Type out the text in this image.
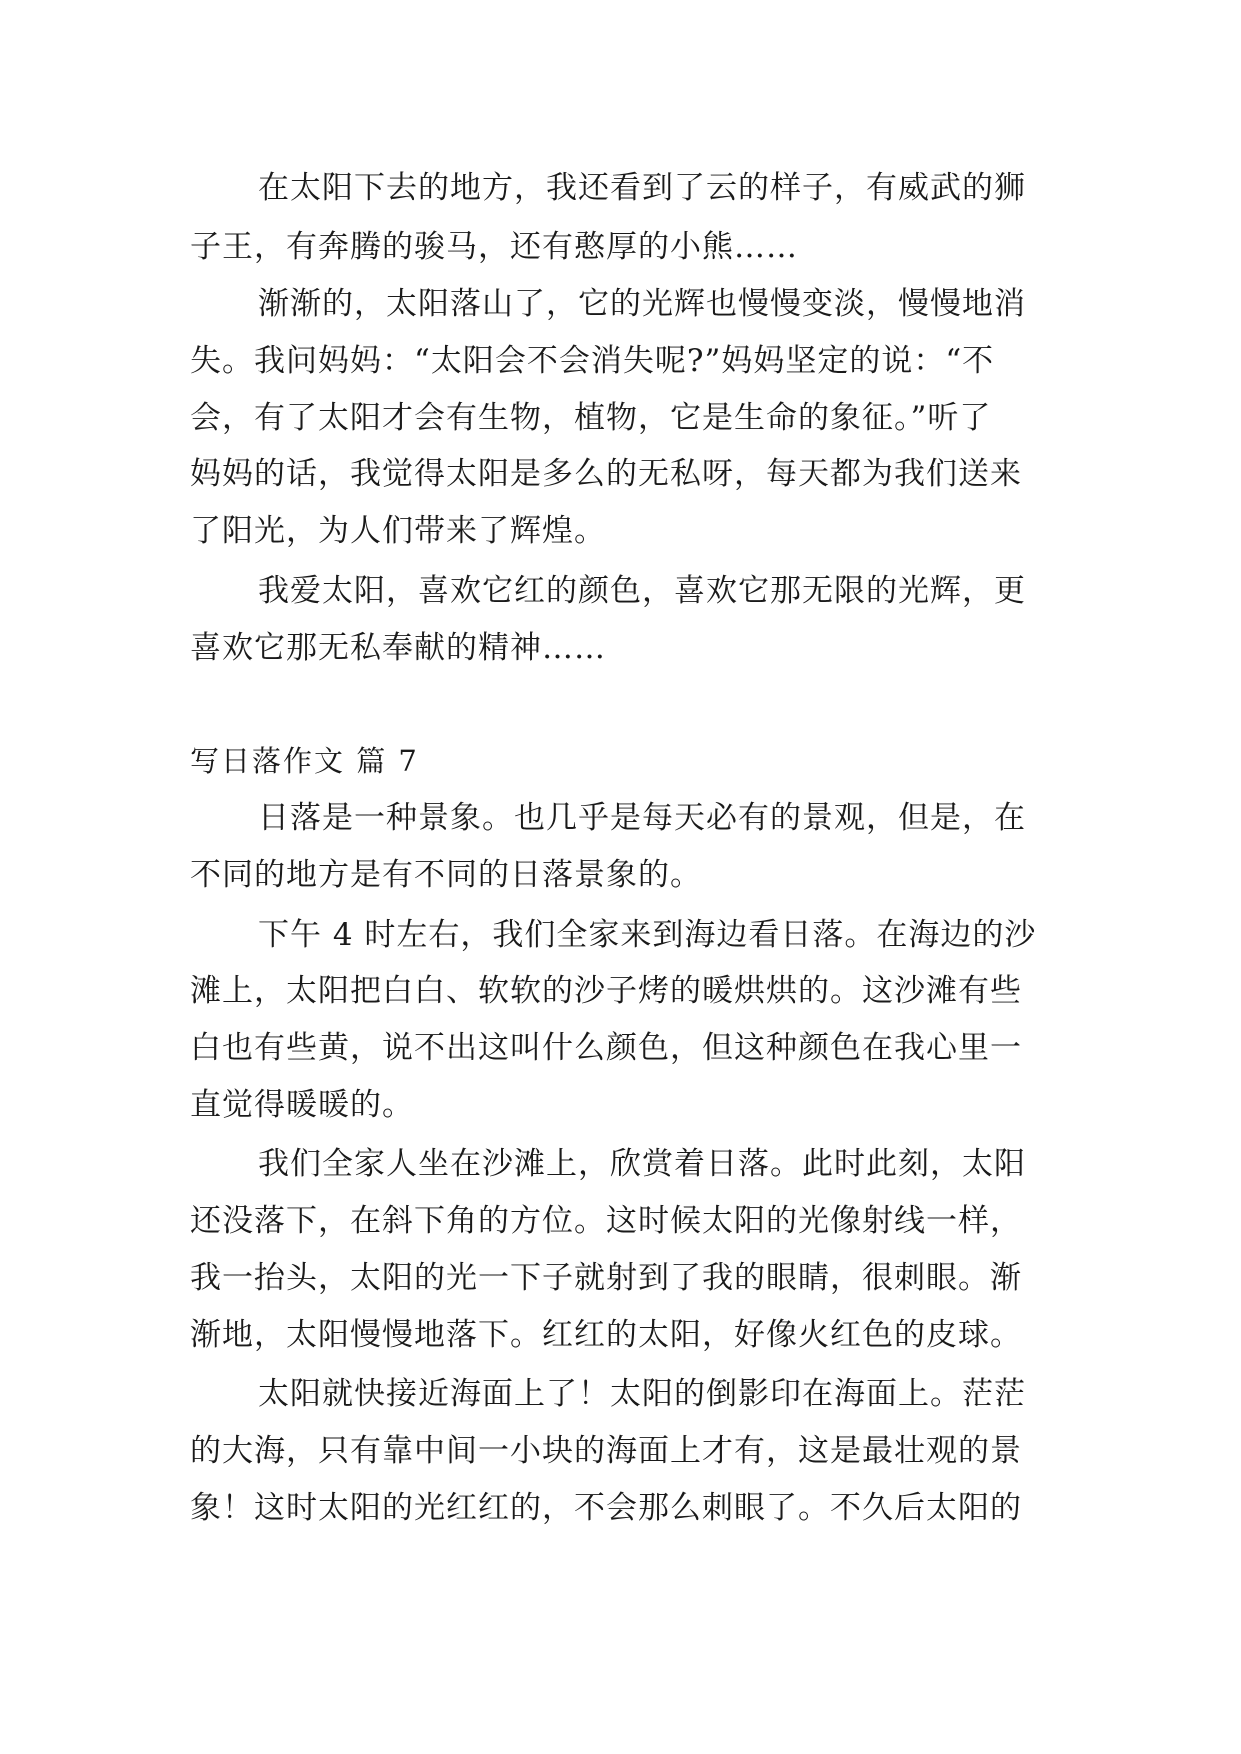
在太阳下去的地方，我还看到了云的样子，有威武的狮
子王，有奔腾的骏马，还有憨厚的小熊……
渐渐的，太阳落山了，它的光辉也慢慢变淡，慢慢地消
失。我问妈妈：“太阳会不会消失呢?”妈妈坚定的说：“不
会，有了太阳才会有生物，植物，它是生命的象征。”听了
妈妈的话，我觉得太阳是多么的无私呀，每天都为我们送来
了阳光，为人们带来了辉煌。
我爱太阳，喜欢它红的颜色，喜欢它那无限的光辉，更
喜欢它那无私奉献的精神……
写日落作文 篇 7
日落是一种景象。也几乎是每天必有的景观，但是，在
不同的地方是有不同的日落景象的。
下午 4 时左右，我们全家来到海边看日落。在海边的沙
滩上，太阳把白白、软软的沙子烤的暖烘烘的。这沙滩有些
白也有些黄，说不出这叫什么颜色，但这种颜色在我心里一
直觉得暖暖的。
我们全家人坐在沙滩上，欣赏着日落。此时此刻，太阳
还没落下，在斜下角的方位。这时候太阳的光像射线一样，
我一抬头，太阳的光一下子就射到了我的眼睛，很刺眼。渐
渐地，太阳慢慢地落下。红红的太阳，好像火红色的皮球。
太阳就快接近海面上了！太阳的倒影印在海面上。茫茫
的大海，只有靠中间一小块的海面上才有，这是最壮观的景
象！这时太阳的光红红的，不会那么刺眼了。不久后太阳的
